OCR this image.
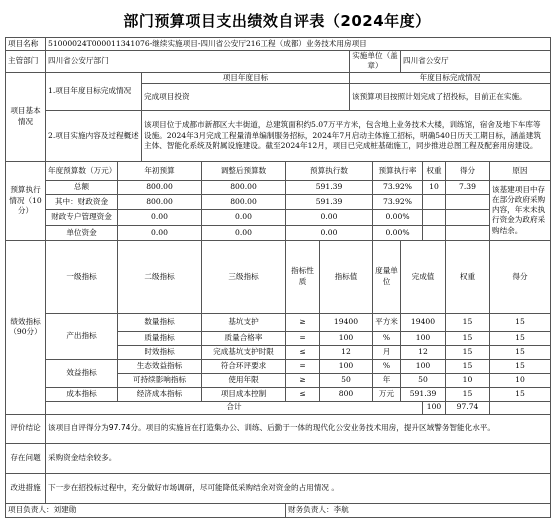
部门预算项目支出绩效自评表（2024年度）
项目名称	51000024T000011341076-继续实施项目-四川省公安厅216工程（成都）业务技术用房项目												
主管部门	四川省公安厅部门						实施单位（盖章）		四川省公安厅				
项目基本情况	1.项目年度目标完成情况		项目年度目标				年度目标完成情况						
			完成项目投资				该预算项目按照计划完成了招投标，目前正在实施。						
	2.项目实施内容及过程概述		该项目位于成都市新都区大丰街道，总建筑面积约5.07万平方米，包含地上业务技术大楼，训练馆，宿舍及地下车库等设施。2024年3月完成工程量清单编制服务招标，2024年7月启动主体施工招标，明确540日历天工期目标，涵盖建筑主体、智能化系统及附属设施建设。截至2024年12月，项目已完成桩基础施工，同步推进总图工程及配套用房建设。										

预算执行情况（10分）	年度预算数（万元）	年初预算		调整后预算数	预算执行数			预算执行率		权重	得分	原因	
	总额	800.00		800.00	591.39			73.92%		10	7.39	该基建项目中存在部分政府采购内容，年末未执行资金为政府采购结余。	
	其中：财政资金	800.00		800.00	591.39			73.92%					
	财政专户管理资金	0.00		0.00	0.00			0.00%					
	单位资金	0.00		0.00	0.00			0.00%					
绩效指标（90分）	一级指标	二级指标		三级指标	指标性质	指标值		度量单位	完成值		权重	得分	
	产出指标	数量指标		基坑支护	≥	19400		平方米	19400		15	15	
		质量指标		质量合格率	=	100		%	100		15	15	
		时效指标		完成基坑支护时限	≤	12		月	12		15	15	
	效益指标	生态效益指标		符合环评要求	=	100		%	100		15	15	
		可持续影响指标		使用年限	≥	50		年	50		10	10	
	成本指标	经济成本指标		项目成本控制	≤	800		万元	591.39		15	15	
	合计									100	97.74		
评价结论	该项目自评得分为97.74分。项目的实施旨在打造集办公、训练、后勤于一体的现代化公安业务技术用房，提升区域警务智能化水平。												
存在问题	采购资金结余较多。												
改进措施	下一步在招投标过程中，充分做好市场调研，尽可能降低采购结余对资金的占用情况 。												
项目负责人：刘建勋					财务负责人：李航								
